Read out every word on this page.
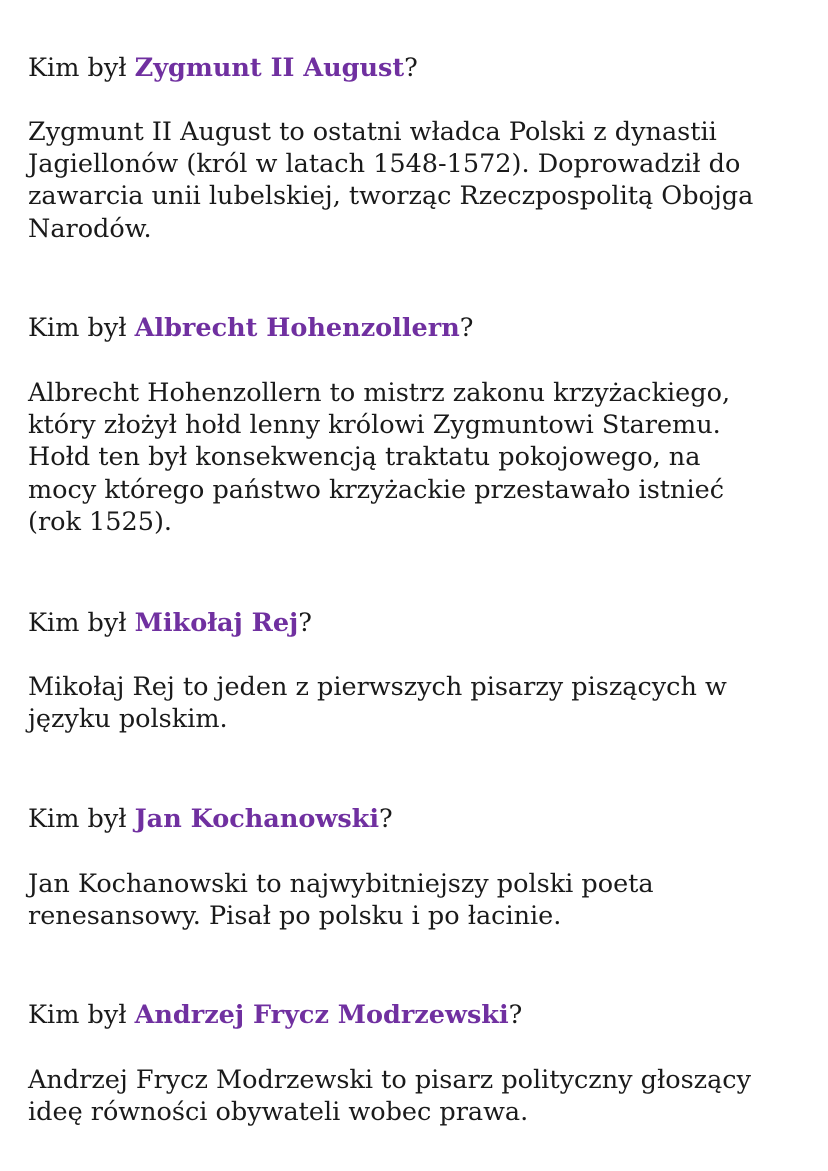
Kim był Zygmunt II August?

Zygmunt II August to ostatni władca Polski z dynastii
Jagiellonów (król w latach 1548-1572). Doprowadził do
zawarcia unii lubelskiej, tworząc Rzeczpospolitą Obojga
Narodów.

Kim był Albrecht Hohenzollern?

Albrecht Hohenzollern to mistrz zakonu krzyżackiego,
który złożył hołd lenny królowi Zygmuntowi Staremu.
Hołd ten był konsekwencją traktatu pokojowego, na
mocy którego państwo krzyżackie przestawało istnieć
(rok 1525).

Kim był Mikołaj Rej?

Mikołaj Rej to jeden z pierwszych pisarzy piszących w
języku polskim.

Kim był Jan Kochanowski?

Jan Kochanowski to najwybitniejszy polski poeta
renesansowy. Pisał po polsku i po łacinie.

Kim był Andrzej Frycz Modrzewski?

Andrzej Frycz Modrzewski to pisarz polityczny głoszący
ideę równości obywateli wobec prawa.
